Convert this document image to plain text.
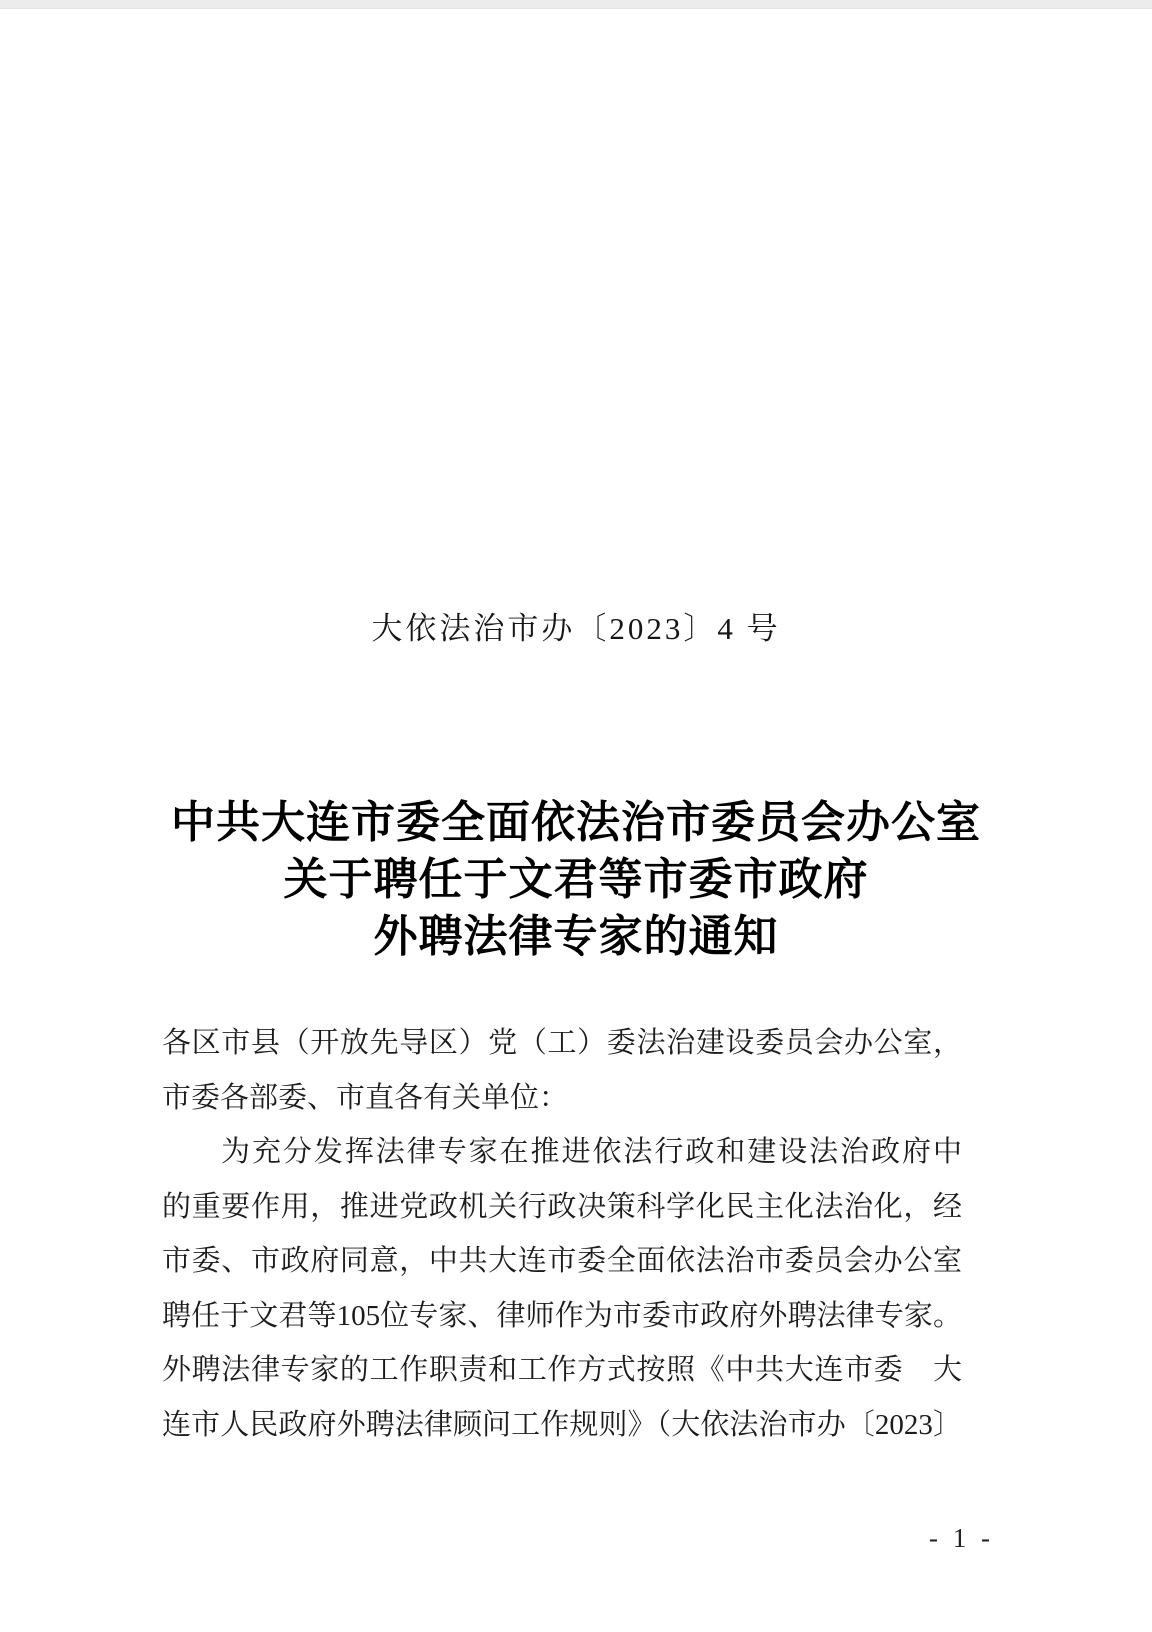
大依法治市办〔2023〕4 号
中共大连市委全面依法治市委员会办公室
关于聘任于文君等市委市政府
外聘法律专家的通知
各区市县（开放先导区）党（工）委法治建设委员会办公室，
市委各部委、市直各有关单位：
为充分发挥法律专家在推进依法行政和建设法治政府中
的重要作用，推进党政机关行政决策科学化民主化法治化，经
市委、市政府同意，中共大连市委全面依法治市委员会办公室
聘任于文君等105位专家、律师作为市委市政府外聘法律专家。
外聘法律专家的工作职责和工作方式按照《中共大连市委　大
连市人民政府外聘法律顾问工作规则》（大依法治市办〔2023〕
- 1 -
